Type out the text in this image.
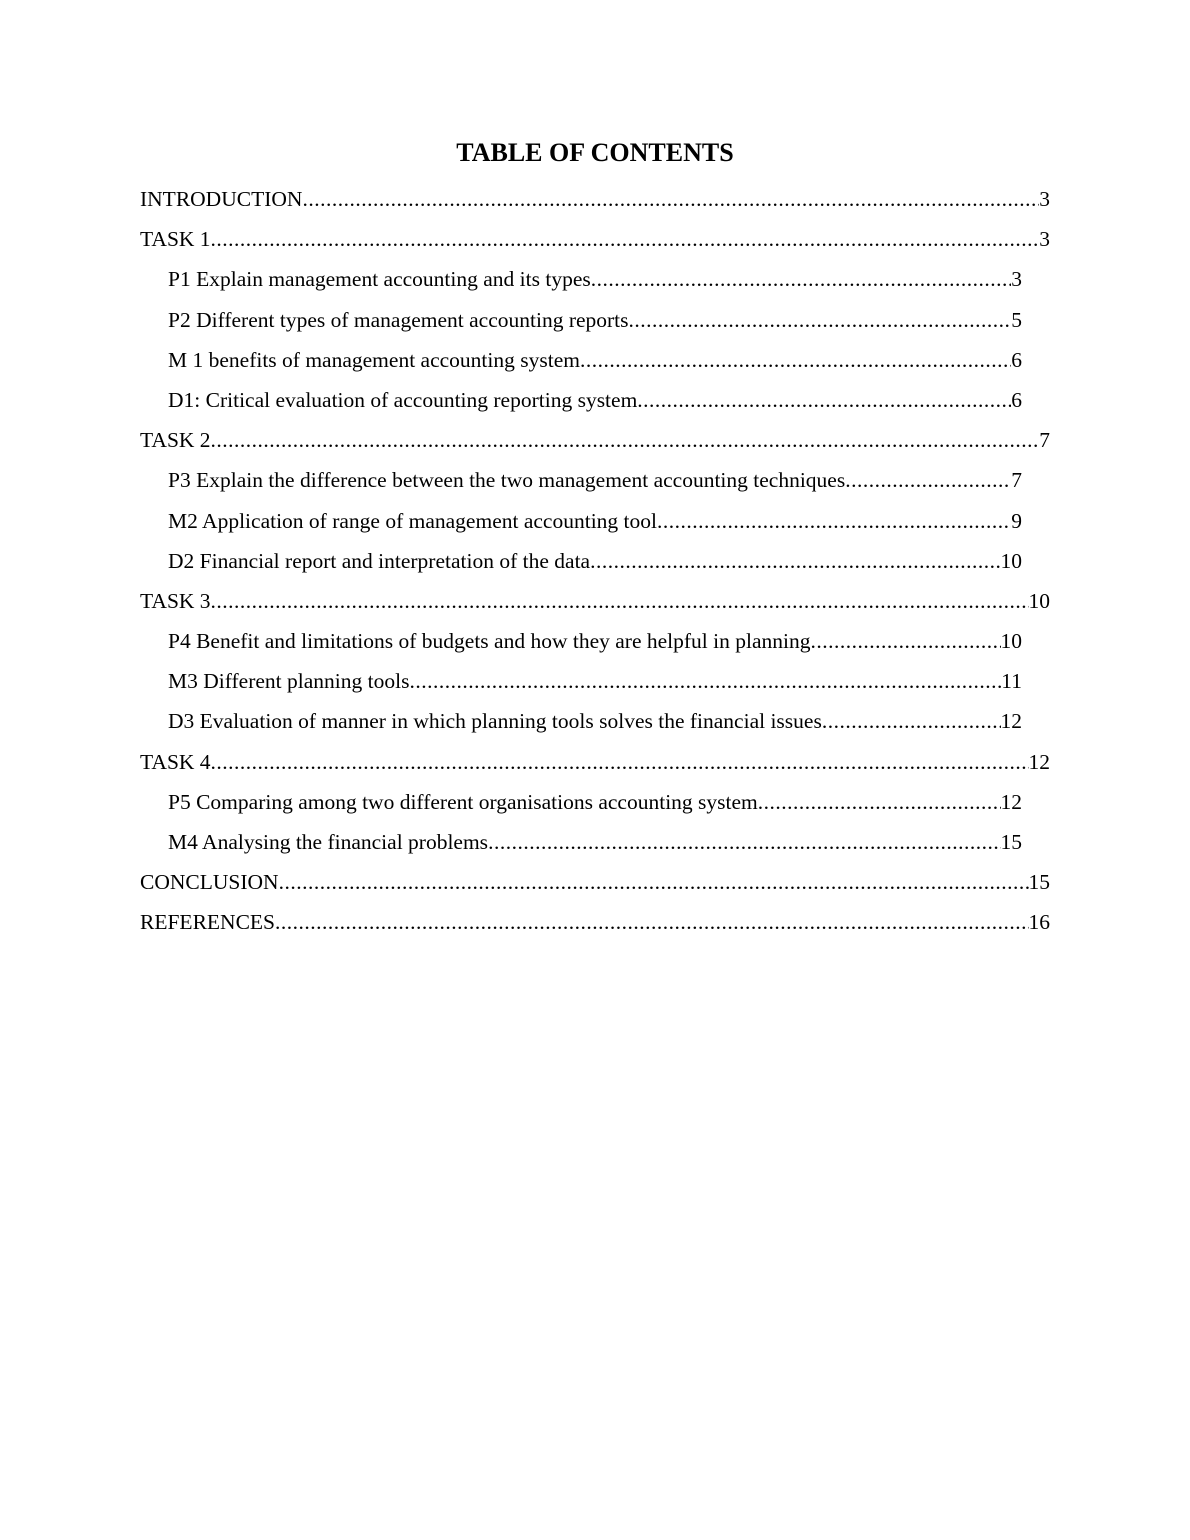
TABLE OF CONTENTS
INTRODUCTION .....	3
TASK 1 .....	3
P1 Explain management accounting and its types .....	3
P2 Different types of management accounting reports .....	5
M 1 benefits of management accounting system .....	6
D1: Critical evaluation of accounting reporting system .....	6
TASK 2 .....	7
P3 Explain the difference between the two management accounting techniques .....	7
M2 Application of range of management accounting tool .....	9
D2 Financial report and interpretation of the data .....	10
TASK 3 .....	10
P4 Benefit and limitations of budgets and how they are helpful in planning .....	10
M3 Different planning tools .....	11
D3 Evaluation of manner in which planning tools solves the financial issues .....	12
TASK 4 .....	12
P5 Comparing among two different organisations accounting system .....	12
M4 Analysing the financial problems .....	15
CONCLUSION .....	15
REFERENCES .....	16
